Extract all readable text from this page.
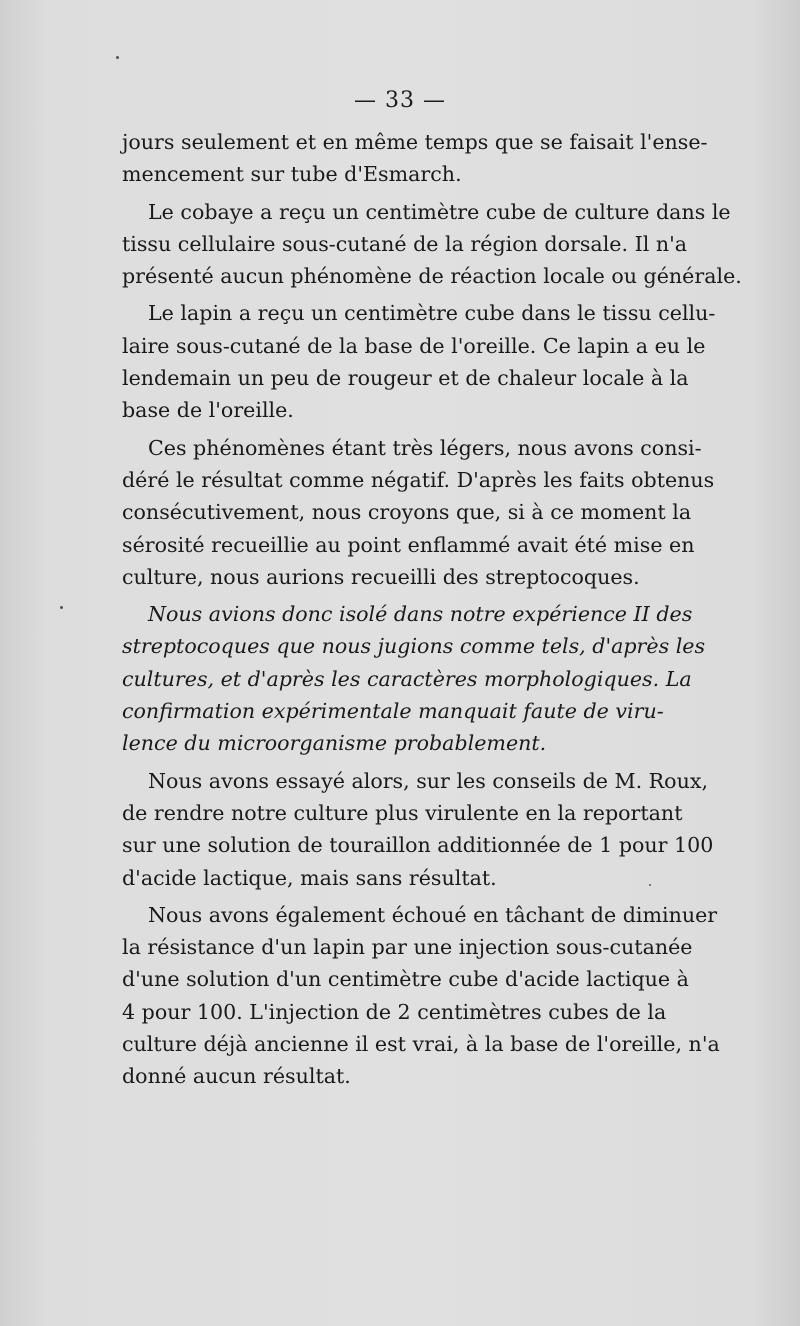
— 33 —
jours seulement et en même temps que se faisait l'ense-
mencement sur tube d'Esmarch.
Le cobaye a reçu un centimètre cube de culture dans le
tissu cellulaire sous-cutané de la région dorsale. Il n'a
présenté aucun phénomène de réaction locale ou générale.
Le lapin a reçu un centimètre cube dans le tissu cellu-
laire sous-cutané de la base de l'oreille. Ce lapin a eu le
lendemain un peu de rougeur et de chaleur locale à la
base de l'oreille.
Ces phénomènes étant très légers, nous avons consi-
déré le résultat comme négatif. D'après les faits obtenus
consécutivement, nous croyons que, si à ce moment la
sérosité recueillie au point enflammé avait été mise en
culture, nous aurions recueilli des streptocoques.
Nous avions donc isolé dans notre expérience II des
streptocoques que nous jugions comme tels, d'après les
cultures, et d'après les caractères morphologiques. La
confirmation expérimentale manquait faute de viru-
lence du microorganisme probablement.
Nous avons essayé alors, sur les conseils de M. Roux,
de rendre notre culture plus virulente en la reportant
sur une solution de touraillon additionnée de 1 pour 100
d'acide lactique, mais sans résultat.
Nous avons également échoué en tâchant de diminuer
la résistance d'un lapin par une injection sous-cutanée
d'une solution d'un centimètre cube d'acide lactique à
4 pour 100. L'injection de 2 centimètres cubes de la
culture déjà ancienne il est vrai, à la base de l'oreille, n'a
donné aucun résultat.
